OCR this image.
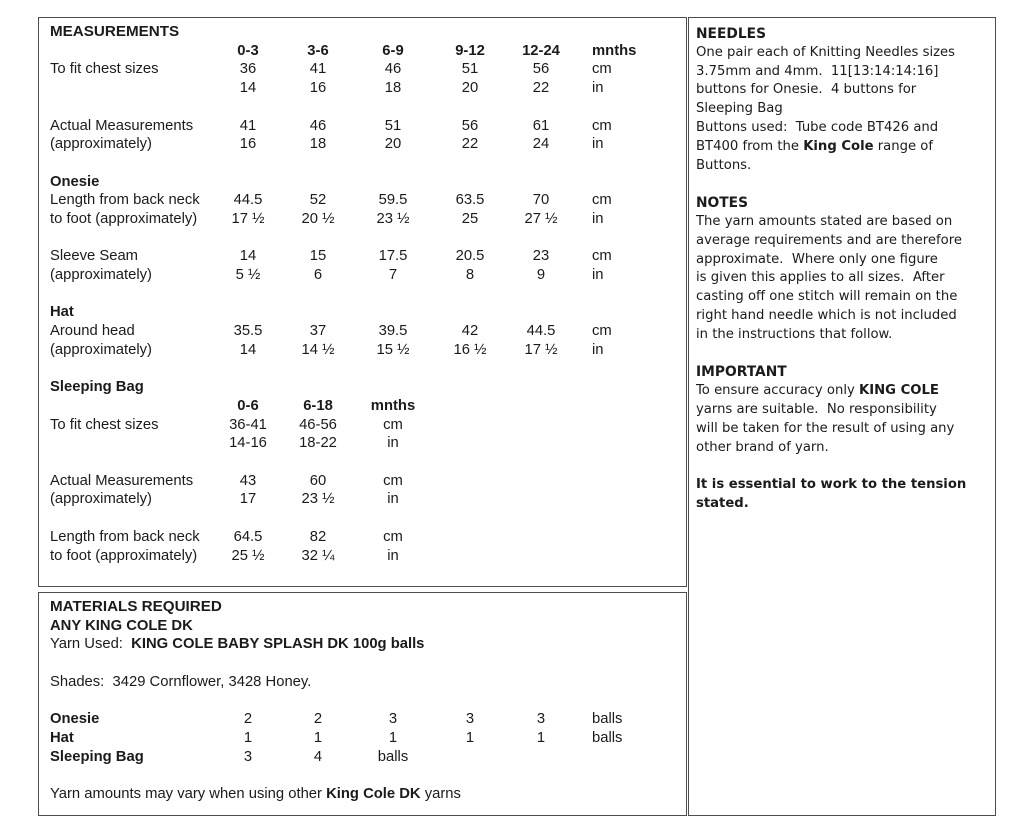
MEASUREMENTS
0-3	3-6	6-9	9-12	12-24	mnths
To fit chest sizes	36	41	46	51	56	cm
14	16	18	20	22	in
Actual Measurements	41	46	51	56	61	cm
(approximately)	16	18	20	22	24	in
Onesie
Length from back neck	44.5	52	59.5	63.5	70	cm
to foot (approximately)	17 ½	20 ½	23 ½	25	27 ½	in
Sleeve Seam	14	15	17.5	20.5	23	cm
(approximately)	5 ½	6	7	8	9	in
Hat
Around head	35.5	37	39.5	42	44.5	cm
(approximately)	14	14 ½	15 ½	16 ½	17 ½	in
Sleeping Bag
0-6	6-18	mnths
To fit chest sizes	36-41	46-56	cm
14-16	18-22	in
Actual Measurements	43	60	cm
(approximately)	17	23 ½	in
Length from back neck	64.5	82	cm
to foot (approximately)	25 ½	32 ¼	in
MATERIALS REQUIRED
ANY KING COLE DK
Yarn Used:  KING COLE BABY SPLASH DK 100g balls
Shades:  3429 Cornflower, 3428 Honey.
Onesie	2	2	3	3	3	balls
Hat	1	1	1	1	1	balls
Sleeping Bag	3	4	balls
Yarn amounts may vary when using other King Cole DK yarns
NEEDLES
One pair each of Knitting Needles sizes
3.75mm and 4mm.  11[13:14:14:16]
buttons for Onesie.  4 buttons for
Sleeping Bag
Buttons used:  Tube code BT426 and
BT400 from the King Cole range of
Buttons.
NOTES
The yarn amounts stated are based on
average requirements and are therefore
approximate.  Where only one figure
is given this applies to all sizes.  After
casting off one stitch will remain on the
right hand needle which is not included
in the instructions that follow.
IMPORTANT
To ensure accuracy only KING COLE
yarns are suitable.  No responsibility
will be taken for the result of using any
other brand of yarn.
It is essential to work to the tension
stated.
